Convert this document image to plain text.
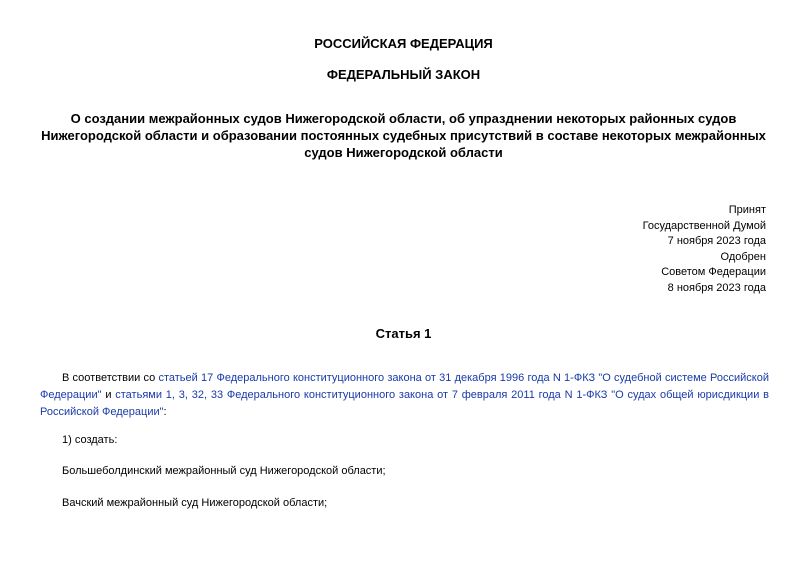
РОССИЙСКАЯ ФЕДЕРАЦИЯ
ФЕДЕРАЛЬНЫЙ ЗАКОН
О создании межрайонных судов Нижегородской области, об упразднении некоторых районных судов Нижегородской области и образовании постоянных судебных присутствий в составе некоторых межрайонных судов Нижегородской области
Принят
Государственной Думой
7 ноября 2023 года
Одобрен
Советом Федерации
8 ноября 2023 года
Статья 1
В соответствии со статьей 17 Федерального конституционного закона от 31 декабря 1996 года N 1-ФКЗ "О судебной системе Российской Федерации" и статьями 1, 3, 32, 33 Федерального конституционного закона от 7 февраля 2011 года N 1-ФКЗ "О судах общей юрисдикции в Российской Федерации":
1) создать:
Большеболдинский межрайонный суд Нижегородской области;
Вачский межрайонный суд Нижегородской области;
